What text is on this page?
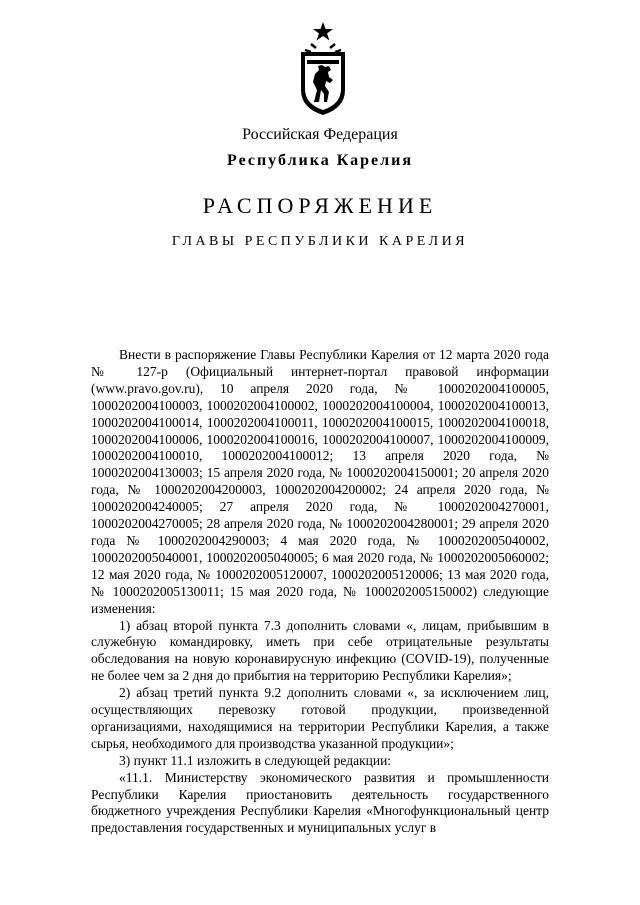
Российская Федерация
Республика Карелия
РАСПОРЯЖЕНИЕ
ГЛАВЫ РЕСПУБЛИКИ КАРЕЛИЯ

Внести в распоряжение Главы Республики Карелия от 12 марта 2020 года № 127-р (Официальный интернет-портал правовой информации (www.pravo.gov.ru), 10 апреля 2020 года, № 1000202004100005, 1000202004100003, 1000202004100002, 1000202004100004, 1000202004100013, 1000202004100014, 1000202004100011, 1000202004100015, 1000202004100018, 1000202004100006, 1000202004100016, 1000202004100007, 1000202004100009, 1000202004100010, 1000202004100012; 13 апреля 2020 года, № 1000202004130003; 15 апреля 2020 года, № 1000202004150001; 20 апреля 2020 года, № 1000202004200003, 1000202004200002; 24 апреля 2020 года, № 1000202004240005; 27 апреля 2020 года, № 1000202004270001, 1000202004270005; 28 апреля 2020 года, № 1000202004280001; 29 апреля 2020 года № 1000202004290003; 4 мая 2020 года, № 1000202005040002, 1000202005040001, 1000202005040005; 6 мая 2020 года, № 1000202005060002; 12 мая 2020 года, № 1000202005120007, 1000202005120006; 13 мая 2020 года, № 1000202005130011; 15 мая 2020 года, № 1000202005150002) следующие изменения:

1) абзац второй пункта 7.3 дополнить словами «, лицам, прибывшим в служебную командировку, иметь при себе отрицательные результаты обследования на новую коронавирусную инфекцию (COVID-19), полученные не более чем за 2 дня до прибытия на территорию Республики Карелия»;

2) абзац третий пункта 9.2 дополнить словами «, за исключением лиц, осуществляющих перевозку готовой продукции, произведенной организациями, находящимися на территории Республики Карелия, а также сырья, необходимого для производства указанной продукции»;

3) пункт 11.1 изложить в следующей редакции:

«11.1. Министерству экономического развития и промышленности Республики Карелия приостановить деятельность государственного бюджетного учреждения Республики Карелия «Многофункциональный центр предоставления государственных и муниципальных услуг в
